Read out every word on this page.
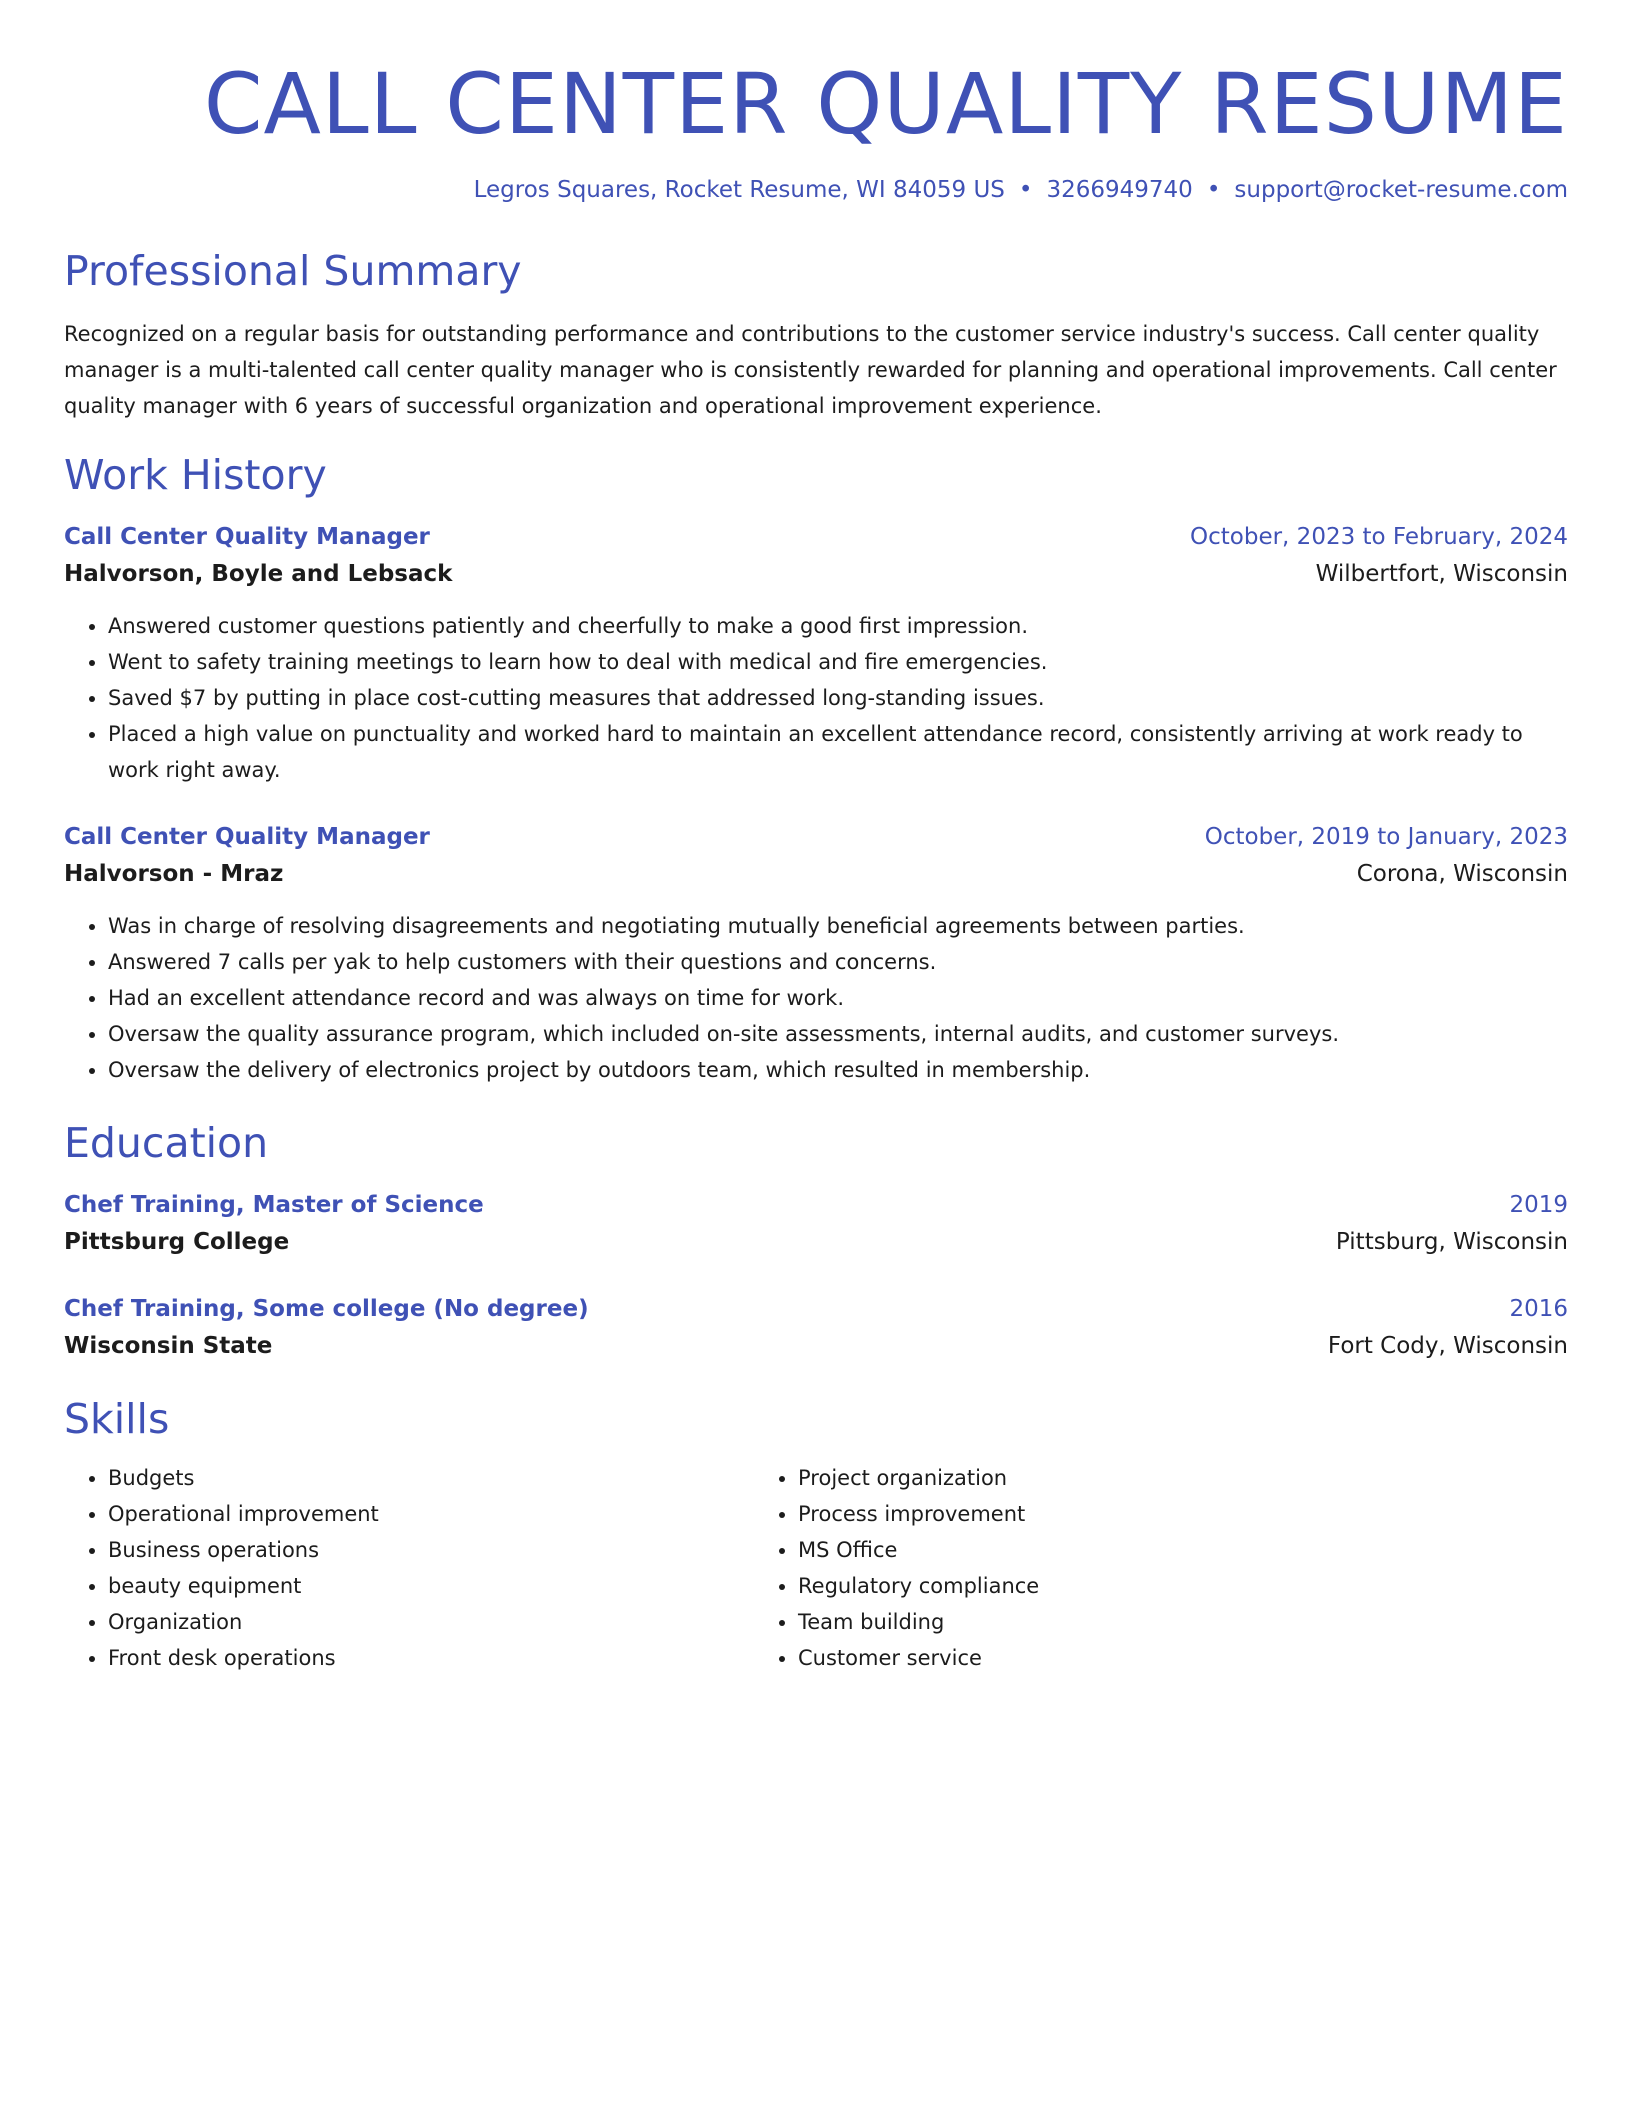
CALL CENTER QUALITY RESUME
Legros Squares, Rocket Resume, WI 84059 US • 3266949740 • support@rocket-resume.com
Professional Summary

Recognized on a regular basis for outstanding performance and contributions to the customer service industry's success. Call center quality manager is a multi-talented call center quality manager who is consistently rewarded for planning and operational improvements. Call center quality manager with 6 years of successful organization and operational improvement experience.

Work History
Call Center Quality Manager	October, 2023 to February, 2024
Halvorson, Boyle and Lebsack	Wilbertfort, Wisconsin
• Answered customer questions patiently and cheerfully to make a good first impression.
• Went to safety training meetings to learn how to deal with medical and fire emergencies.
• Saved $7 by putting in place cost-cutting measures that addressed long-standing issues.
• Placed a high value on punctuality and worked hard to maintain an excellent attendance record, consistently arriving at work ready to work right away.
Call Center Quality Manager	October, 2019 to January, 2023
Halvorson - Mraz	Corona, Wisconsin
• Was in charge of resolving disagreements and negotiating mutually beneficial agreements between parties.
• Answered 7 calls per yak to help customers with their questions and concerns.
• Had an excellent attendance record and was always on time for work.
• Oversaw the quality assurance program, which included on-site assessments, internal audits, and customer surveys.
• Oversaw the delivery of electronics project by outdoors team, which resulted in membership.
Education
Chef Training, Master of Science	2019
Pittsburg College	Pittsburg, Wisconsin
Chef Training, Some college (No degree)	2016
Wisconsin State	Fort Cody, Wisconsin
Skills
• Budgets
• Operational improvement
• Business operations
• beauty equipment
• Organization
• Front desk operations
• Project organization
• Process improvement
• MS Office
• Regulatory compliance
• Team building
• Customer service
